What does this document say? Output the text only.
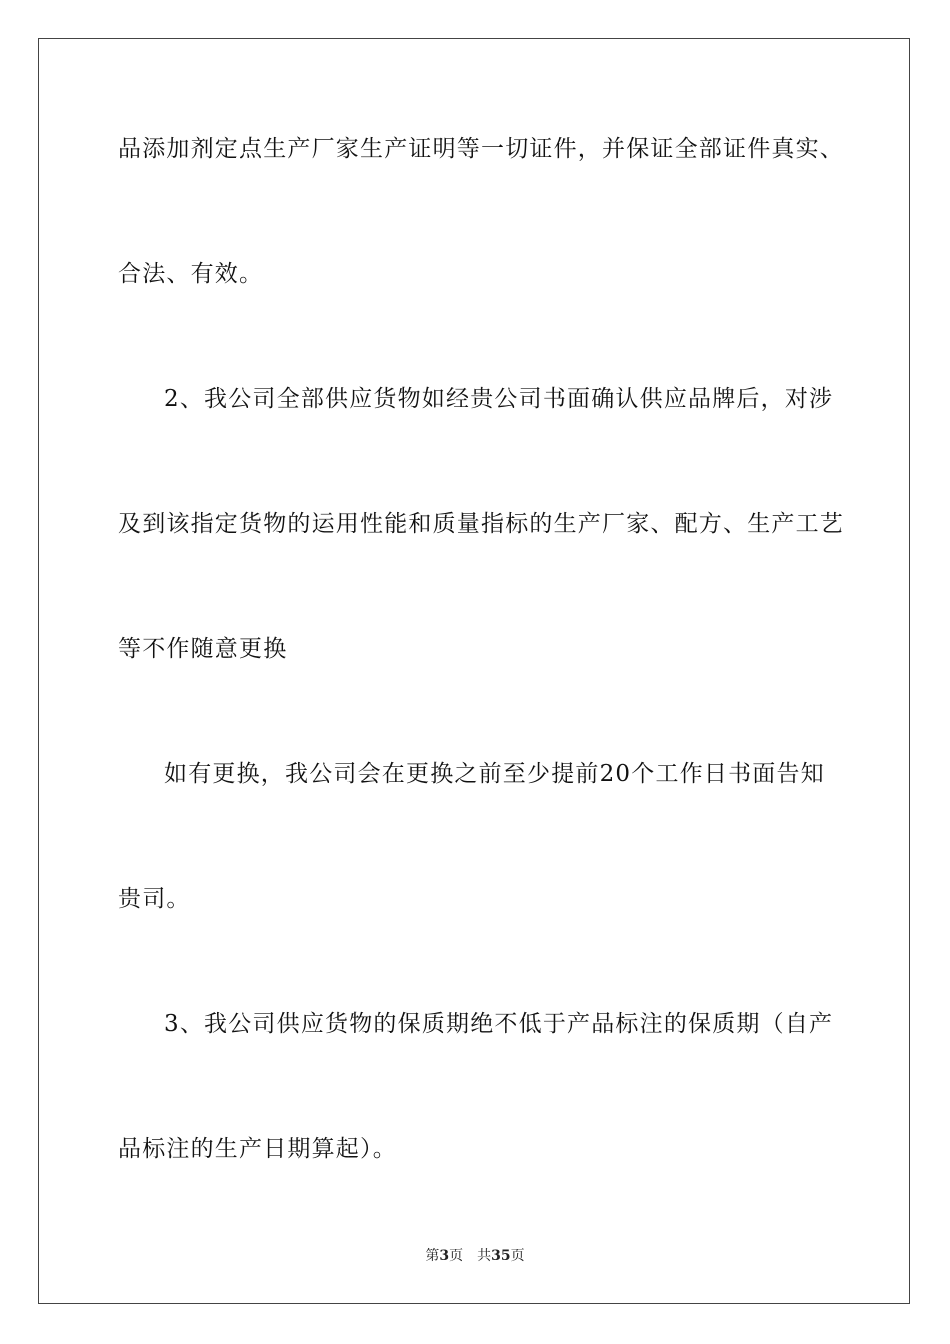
品添加剂定点生产厂家生产证明等一切证件，并保证全部证件真实、
合法、有效。
2、我公司全部供应货物如经贵公司书面确认供应品牌后，对涉
及到该指定货物的运用性能和质量指标的生产厂家、配方、生产工艺
等不作随意更换
如有更换，我公司会在更换之前至少提前20个工作日书面告知
贵司。
3、我公司供应货物的保质期绝不低于产品标注的保质期（自产
品标注的生产日期算起）。
第3页 共35页
